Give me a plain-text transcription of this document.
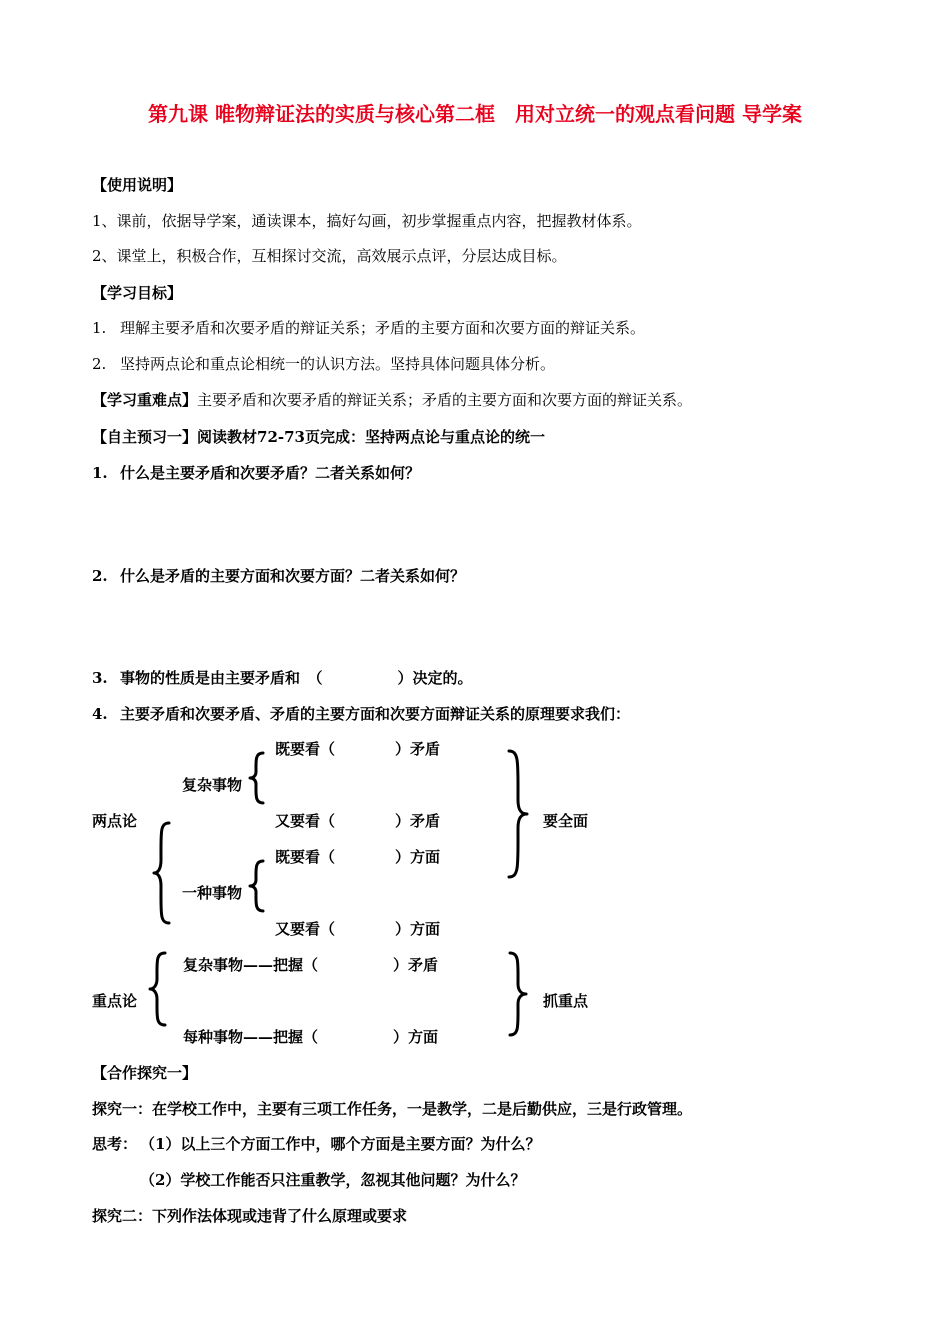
第九课 唯物辩证法的实质与核心第二框　用对立统一的观点看问题 导学案
【使用说明】
1、课前，依据导学案，通读课本，搞好勾画，初步掌握重点内容，把握教材体系。
2、课堂上，积极合作，互相探讨交流，高效展示点评，分层达成目标。
【学习目标】
1. 理解主要矛盾和次要矛盾的辩证关系；矛盾的主要方面和次要方面的辩证关系。
2. 坚持两点论和重点论相统一的认识方法。坚持具体问题具体分析。
【学习重难点】主要矛盾和次要矛盾的辩证关系；矛盾的主要方面和次要方面的辩证关系。
【自主预习一】阅读教材72-73页完成：坚持两点论与重点论的统一
1. 什么是主要矛盾和次要矛盾？二者关系如何？
2. 什么是矛盾的主要方面和次要方面？二者关系如何？
3. 事物的性质是由主要矛盾和　（　　　　　）决定的。
4. 主要矛盾和次要矛盾、矛盾的主要方面和次要方面辩证关系的原理要求我们：
两点论
复杂事物
既要看（　　　　）矛盾
又要看（　　　　）矛盾
一种事物
既要看（　　　　）方面
又要看（　　　　）方面
要全面
重点论
复杂事物——把握（　　　　　）矛盾
每种事物——把握（　　　　　）方面
抓重点
【合作探究一】
探究一：在学校工作中，主要有三项工作任务，一是教学，二是后勤供应，三是行政管理。
思考： （1）以上三个方面工作中，哪个方面是主要方面？为什么？
（2）学校工作能否只注重教学，忽视其他问题？为什么？
探究二：下列作法体现或违背了什么原理或要求
